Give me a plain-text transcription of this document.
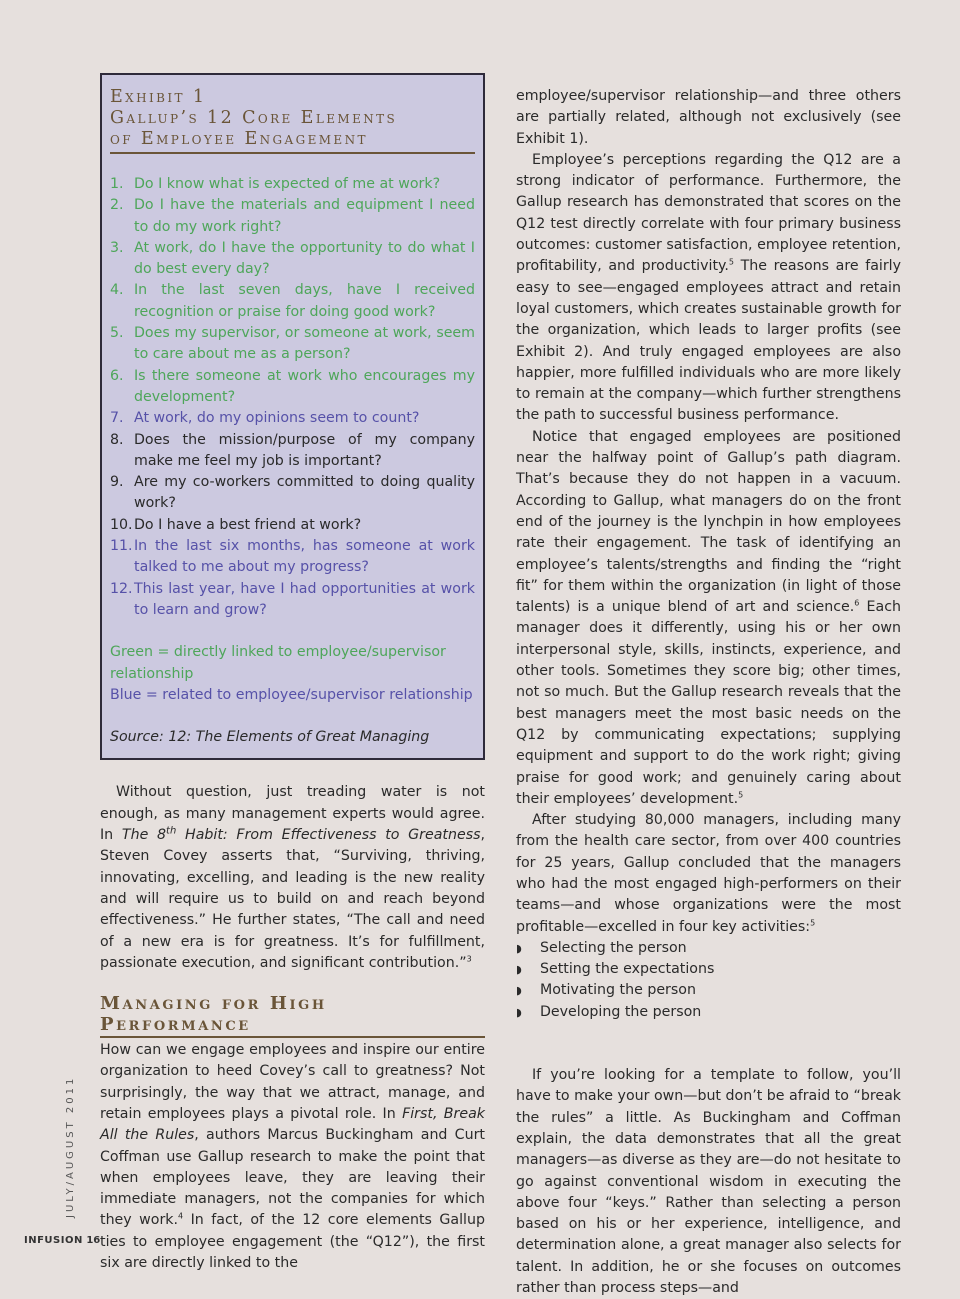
Exhibit 1
Gallup’s 12 Core Elements
of Employee Engagement
1. Do I know what is expected of me at work?
2. Do I have the materials and equipment I need to do my work right?
3. At work, do I have the opportunity to do what I do best every day?
4. In the last seven days, have I received recognition or praise for doing good work?
5. Does my supervisor, or someone at work, seem to care about me as a person?
6. Is there someone at work who encourages my development?
7. At work, do my opinions seem to count?
8. Does the mission/purpose of my company make me feel my job is important?
9. Are my co-workers committed to doing quality work?
10. Do I have a best friend at work?
11. In the last six months, has someone at work talked to me about my progress?
12. This last year, have I had opportunities at work to learn and grow?
Green = directly linked to employee/supervisor relationship
Blue = related to employee/supervisor relationship
Source: 12: The Elements of Great Managing

Without question, just treading water is not enough, as many management experts would agree. In The 8th Habit: From Effectiveness to Greatness, Steven Covey asserts that, “Surviving, thriving, innovating, excelling, and leading is the new reality and will require us to build on and reach beyond effectiveness.” He further states, “The call and need of a new era is for greatness. It’s for fulfillment, passionate execution, and significant contribution.”$^3$

Managing for High Performance

How can we engage employees and inspire our entire organization to heed Covey’s call to greatness? Not surprisingly, the way that we attract, manage, and retain employees plays a pivotal role. In First, Break All the Rules, authors Marcus Buckingham and Curt Coffman use Gallup research to make the point that when employees leave, they are leaving their immediate managers, not the companies for which they work.$^4$ In fact, of the 12 core elements Gallup ties to employee engagement (the “Q12”), the first six are directly linked to the

employee/supervisor relationship—and three others are partially related, although not exclusively (see Exhibit 1).

Employee’s perceptions regarding the Q12 are a strong indicator of performance. Furthermore, the Gallup research has demonstrated that scores on the Q12 test directly correlate with four primary business outcomes: customer satisfaction, employee retention, profitability, and productivity.$^5$ The reasons are fairly easy to see—engaged employees attract and retain loyal customers, which creates sustainable growth for the organization, which leads to larger profits (see Exhibit 2). And truly engaged employees are also happier, more fulfilled individuals who are more likely to remain at the company—which further strengthens the path to successful business performance.

Notice that engaged employees are positioned near the halfway point of Gallup’s path diagram. That’s because they do not happen in a vacuum. According to Gallup, what managers do on the front end of the journey is the lynchpin in how employees rate their engagement. The task of identifying an employee’s talents/strengths and finding the “right fit” for them within the organization (in light of those talents) is a unique blend of art and science.$^6$ Each manager does it differently, using his or her own interpersonal style, skills, instincts, experience, and other tools. Sometimes they score big; other times, not so much. But the Gallup research reveals that the best managers meet the most basic needs on the Q12 by communicating expectations; supplying equipment and support to do the work right; giving praise for good work; and genuinely caring about their employees’ development.$^5$

After studying 80,000 managers, including many from the health care sector, from over 400 countries for 25 years, Gallup concluded that the managers who had the most engaged high-performers on their teams—and whose organizations were the most profitable—excelled in four key activities:$^5$

◗	Selecting the person
◗	Setting the expectations
◗	Motivating the person
◗	Developing the person

If you’re looking for a template to follow, you’ll have to make your own—but don’t be afraid to “break the rules” a little. As Buckingham and Coffman explain, the data demonstrates that all the great managers—as diverse as they are—do not hesitate to go against conventional wisdom in executing the above four “keys.” Rather than selecting a person based on his or her experience, intelligence, and determination alone, a great manager also selects for talent. In addition, he or she focuses on outcomes rather than process steps—and

JULY/AUGUST 2011
INFUSION 16
